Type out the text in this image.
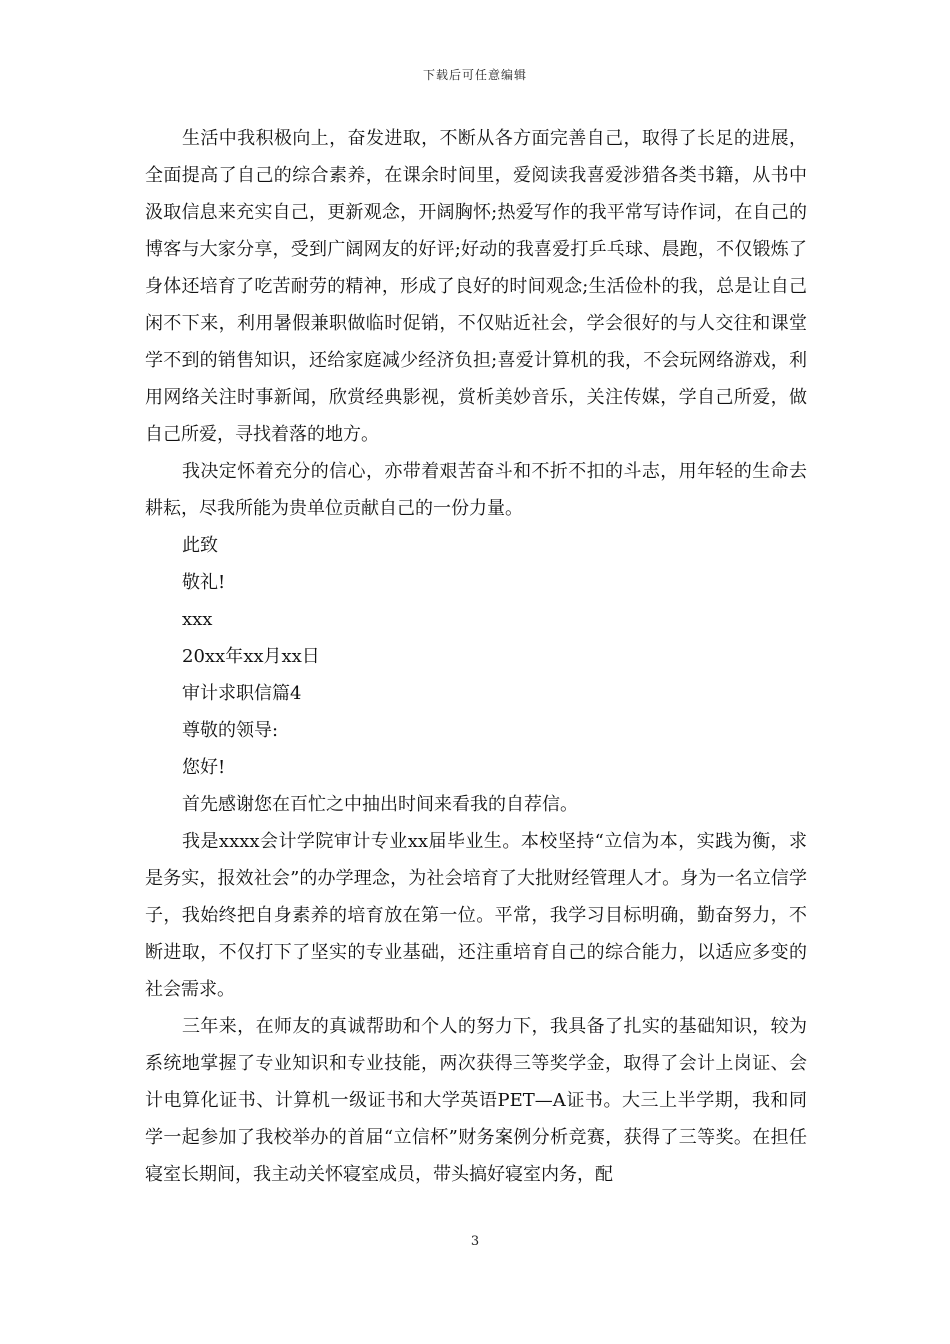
下载后可任意编辑

生活中我积极向上，奋发进取，不断从各方面完善自己，取得了长足的进展，全面提高了自己的综合素养，在课余时间里，爱阅读我喜爱涉猎各类书籍，从书中汲取信息来充实自己，更新观念，开阔胸怀;热爱写作的我平常写诗作词，在自己的博客与大家分享，受到广阔网友的好评;好动的我喜爱打乒乓球、晨跑，不仅锻炼了身体还培育了吃苦耐劳的精神，形成了良好的时间观念;生活俭朴的我，总是让自己闲不下来，利用暑假兼职做临时促销，不仅贴近社会，学会很好的与人交往和课堂学不到的销售知识，还给家庭减少经济负担;喜爱计算机的我，不会玩网络游戏，利用网络关注时事新闻，欣赏经典影视，赏析美妙音乐，关注传媒，学自己所爱，做自己所爱，寻找着落的地方。

我决定怀着充分的信心，亦带着艰苦奋斗和不折不扣的斗志，用年轻的生命去耕耘，尽我所能为贵单位贡献自己的一份力量。

此致

敬礼!

xxx

20xx年xx月xx日

审计求职信篇4

尊敬的领导:

您好!

首先感谢您在百忙之中抽出时间来看我的自荐信。

我是xxxx会计学院审计专业xx届毕业生。本校坚持“立信为本，实践为衡，求是务实，报效社会”的办学理念，为社会培育了大批财经管理人才。身为一名立信学子，我始终把自身素养的培育放在第一位。平常，我学习目标明确，勤奋努力，不断进取，不仅打下了坚实的专业基础，还注重培育自己的综合能力，以适应多变的社会需求。

三年来，在师友的真诚帮助和个人的努力下，我具备了扎实的基础知识，较为系统地掌握了专业知识和专业技能，两次获得三等奖学金，取得了会计上岗证、会计电算化证书、计算机一级证书和大学英语PET—A证书。大三上半学期，我和同学一起参加了我校举办的首届“立信杯”财务案例分析竞赛，获得了三等奖。在担任寝室长期间，我主动关怀寝室成员，带头搞好寝室内务，配

3
